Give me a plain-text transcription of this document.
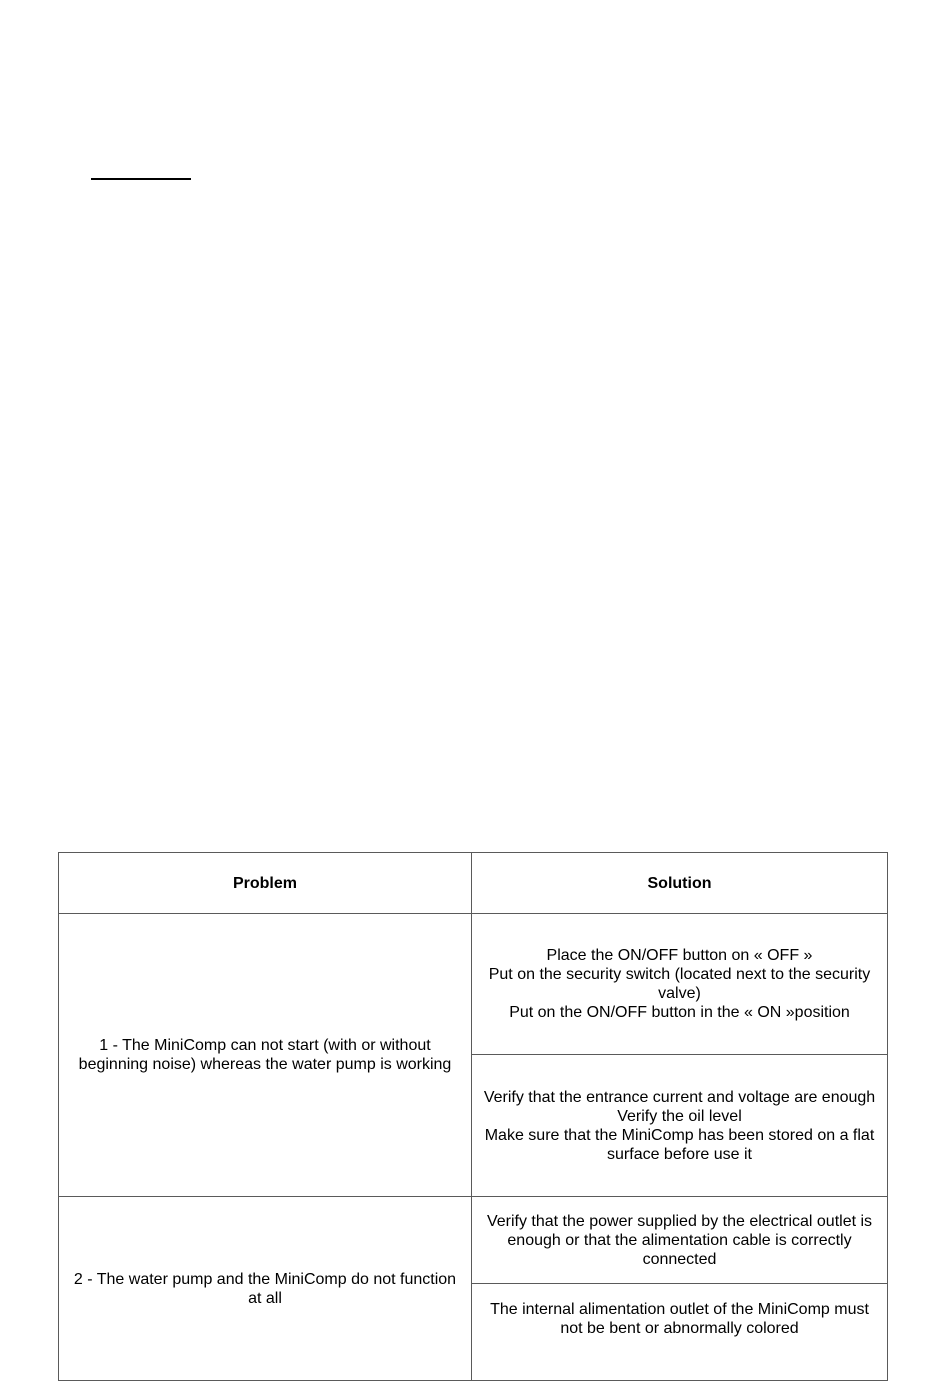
Problem	Solution
1 - The MiniComp can not start (with or without beginning noise) whereas the water pump is working	Place the ON/OFF button on « OFF »
Put on the security switch (located next to the security valve)
Put on the ON/OFF button in the « ON »position

	Verify that the entrance current and voltage are enough
Verify the oil level
Make sure that the MiniComp has been stored on a flat surface before use it

2 - The water pump and the MiniComp do not function at all	Verify that the power supplied by the electrical outlet is enough or that the alimentation cable is correctly connected

	The internal alimentation outlet of the MiniComp must not be bent or abnormally colored
